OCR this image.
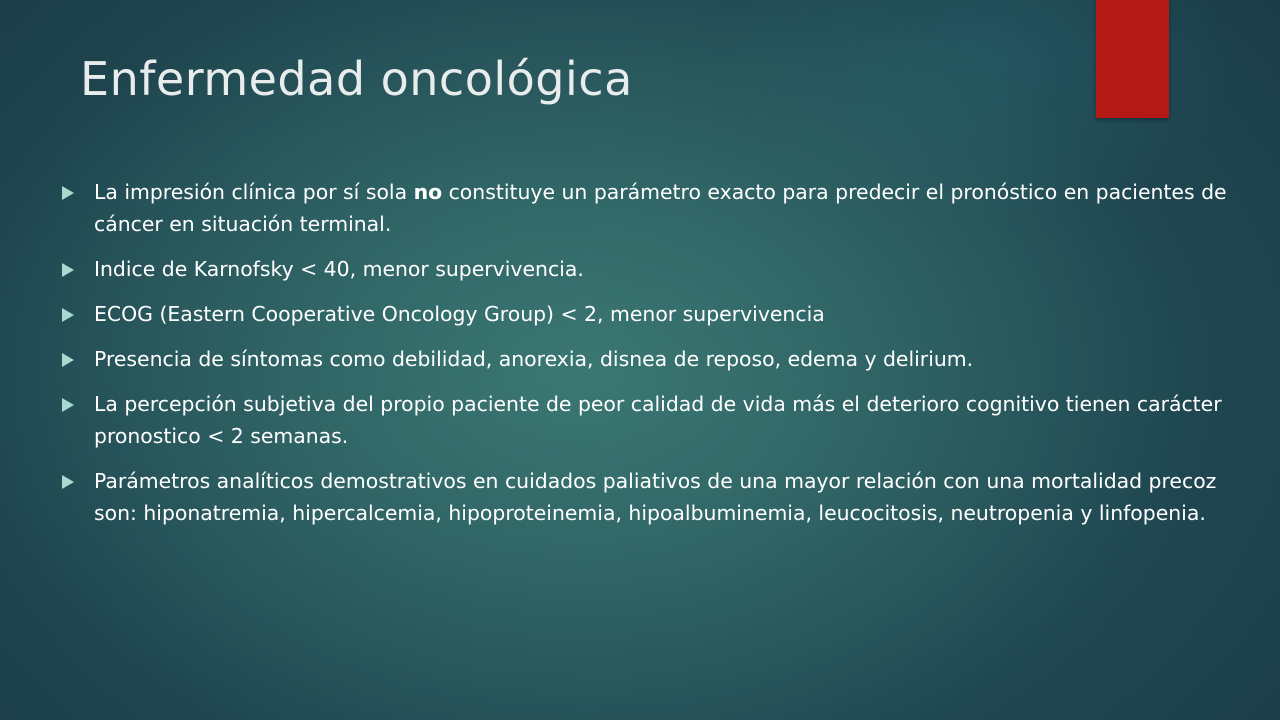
Enfermedad oncológica
La impresión clínica por sí sola no constituye un parámetro exacto para predecir el pronóstico en pacientes de cáncer en situación terminal.
Indice de Karnofsky < 40, menor supervivencia.
ECOG (Eastern Cooperative Oncology Group) < 2, menor supervivencia
Presencia de síntomas como debilidad, anorexia, disnea de reposo, edema y delirium.
La percepción subjetiva del propio paciente de peor calidad de vida más el deterioro cognitivo tienen carácter pronostico < 2 semanas.
Parámetros analíticos demostrativos en cuidados paliativos de una mayor relación con una mortalidad precoz son: hiponatremia, hipercalcemia, hipoproteinemia, hipoalbuminemia, leucocitosis, neutropenia y linfopenia.
